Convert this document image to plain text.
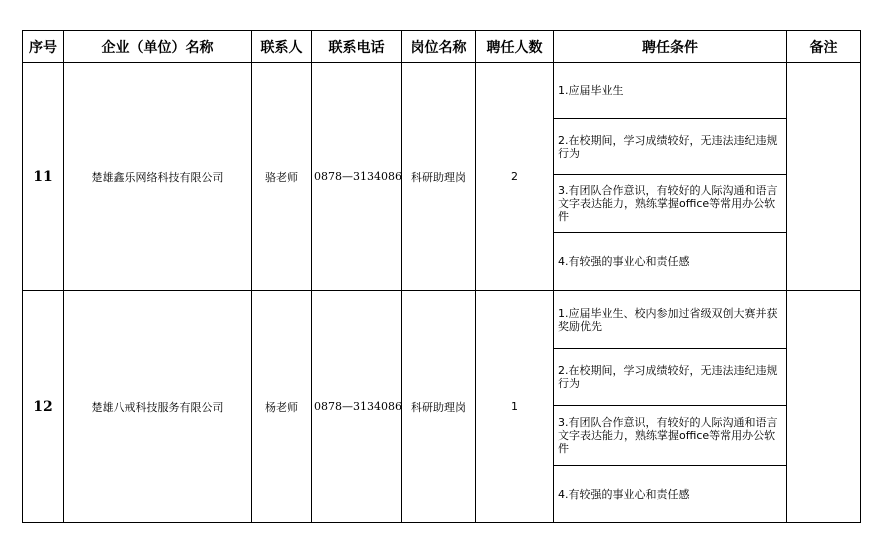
序号	企业（单位）名称	联系人	联系电话	岗位名称	聘任人数	聘任条件	备注
11	楚雄鑫乐网络科技有限公司	骆老师	0878—3134086	科研助理岗	2	1.应届毕业生	
						2.在校期间，学习成绩较好，无违法违纪违规行为	
						3.有团队合作意识，有较好的人际沟通和语言文字表达能力，熟练掌握office等常用办公软件	
						4.有较强的事业心和责任感	
12	楚雄八戒科技服务有限公司	杨老师	0878—3134086	科研助理岗	1	1.应届毕业生、校内参加过省级双创大赛并获奖励优先	
						2.在校期间，学习成绩较好，无违法违纪违规行为	
						3.有团队合作意识，有较好的人际沟通和语言文字表达能力，熟练掌握office等常用办公软件	
						4.有较强的事业心和责任感	
